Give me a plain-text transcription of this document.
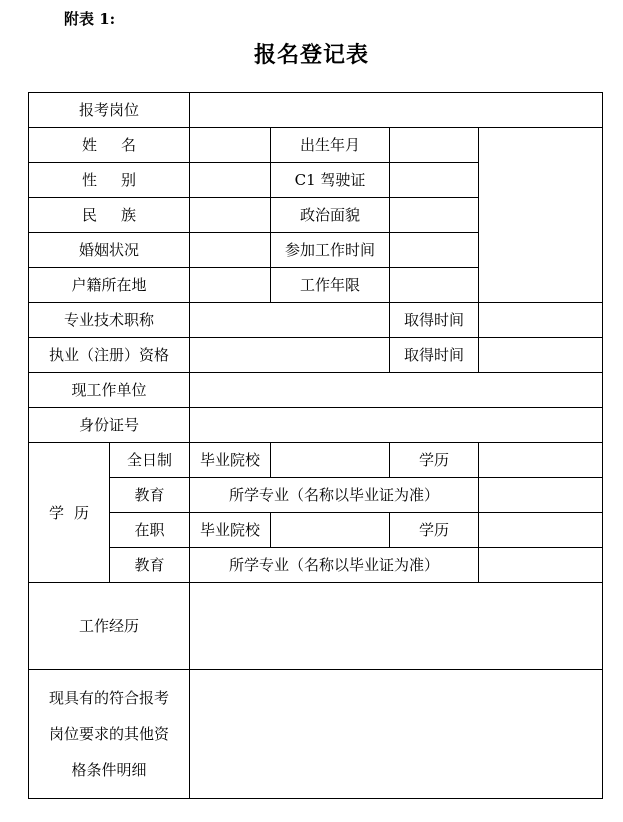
附表 1:
报名登记表
报考岗位					
姓名			出生年月		
性别			C1 驾驶证		
民族			政治面貌		
婚姻状况			参加工作时间		
户籍所在地			工作年限		
专业技术职称				取得时间	
执业（注册）资格				取得时间	
现工作单位					
身份证号					
学历	全日制	毕业院校		学历	
	教育	所学专业（名称以毕业证为准）			
	在职	毕业院校		学历	
	教育	所学专业（名称以毕业证为准）			
工作经历					

现具有的符合报考
岗位要求的其他资
格条件明细					
